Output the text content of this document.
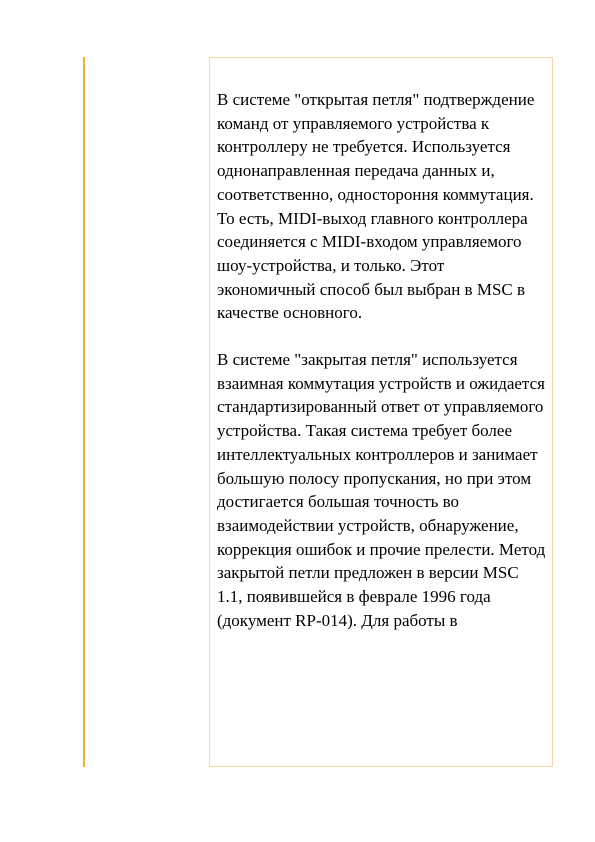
В системе "открытая петля" подтверждение команд от управляемого устройства к контроллеру не требуется. Используется однонаправленная передача данных и, соответственно, одностороння коммутация. То есть, MIDI-выход главного контроллера соединяется с MIDI-входом управляемого шоу-устройства, и только. Этот экономичный способ был выбран в MSC в качестве основного.

В системе "закрытая петля" используется взаимная коммутация устройств и ожидается стандартизированный ответ от управляемого устройства. Такая система требует более интеллектуальных контроллеров и занимает большую полосу пропускания, но при этом достигается большая точность во взаимодействии устройств, обнаружение, коррекция ошибок и прочие прелести. Метод закрытой петли предложен в версии MSC 1.1, появившейся в феврале 1996 года (документ RP-014). Для работы в
